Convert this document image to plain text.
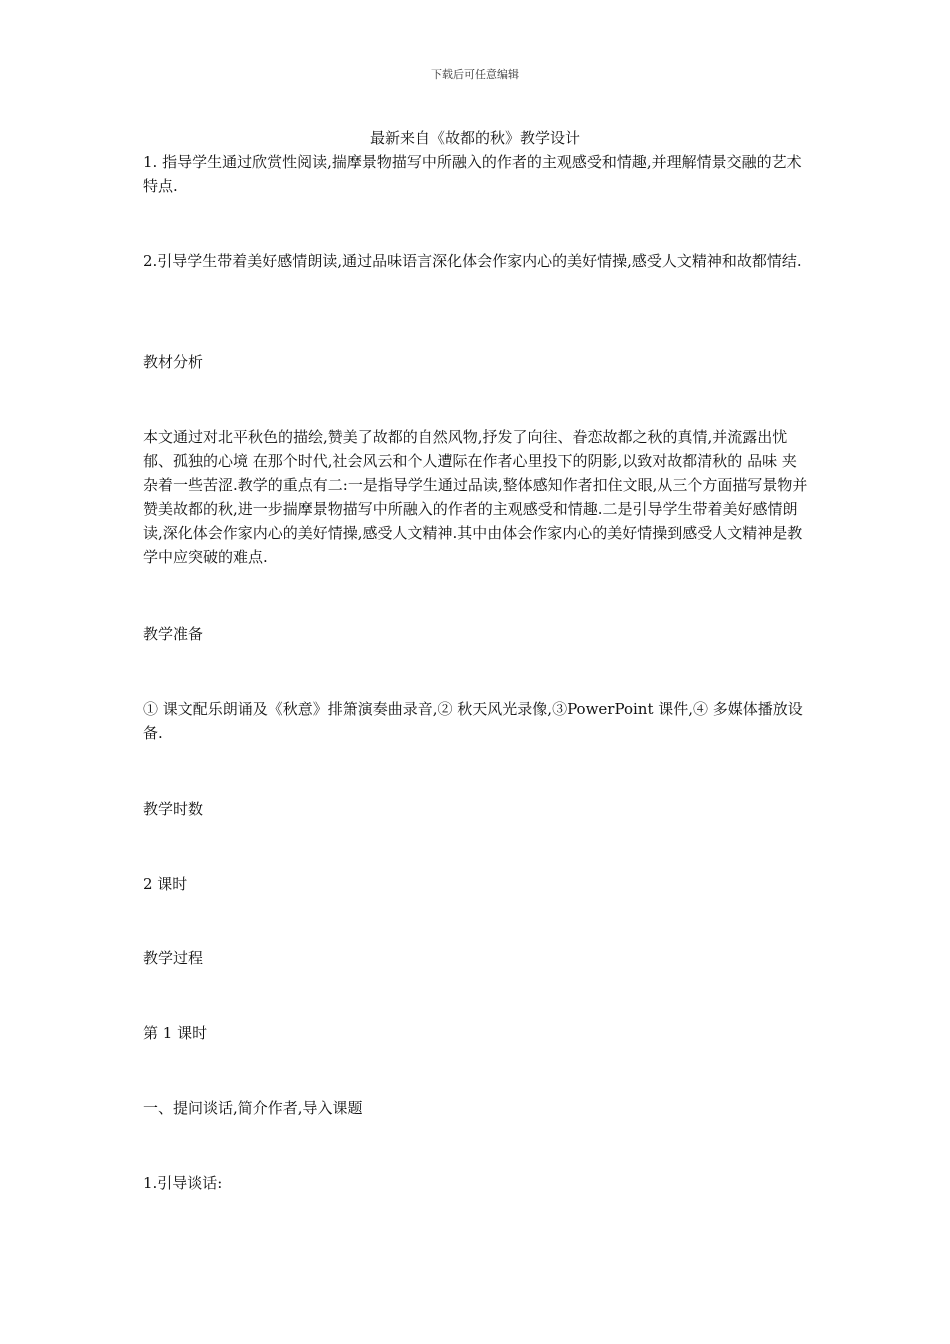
下载后可任意编辑
最新来自《故都的秋》教学设计

1. 指导学生通过欣赏性阅读,揣摩景物描写中所融入的作者的主观感受和情趣,并理解情景交融的艺术特点.

2.引导学生带着美好感情朗读,通过品味语言深化体会作家内心的美好情操,感受人文精神和故都情结.

教材分析

本文通过对北平秋色的描绘,赞美了故都的自然风物,抒发了向往、眷恋故都之秋的真情,并流露出忧郁、孤独的心境 在那个时代,社会风云和个人遭际在作者心里投下的阴影,以致对故都清秋的 品味 夹杂着一些苦涩.教学的重点有二:一是指导学生通过品读,整体感知作者扣住文眼,从三个方面描写景物并赞美故都的秋,进一步揣摩景物描写中所融入的作者的主观感受和情趣.二是引导学生带着美好感情朗读,深化体会作家内心的美好情操,感受人文精神.其中由体会作家内心的美好情操到感受人文精神是教学中应突破的难点.

教学准备

① 课文配乐朗诵及《秋意》排箫演奏曲录音,② 秋天风光录像,③PowerPoint 课件,④ 多媒体播放设备.

教学时数

2 课时

教学过程

第 1 课时

一、提问谈话,简介作者,导入课题

1.引导谈话:
